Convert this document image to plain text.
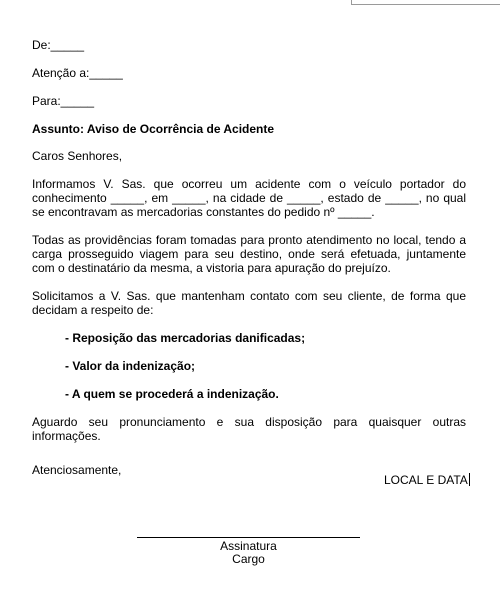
De:_____
Atenção a:_____
Para:_____
Assunto: Aviso de Ocorrência de Acidente
Caros Senhores,

Informamos V. Sas. que ocorreu um acidente com o veículo portador do conhecimento _____, em _____, na cidade de _____, estado de _____, no qual se encontravam as mercadorias constantes do pedido nº _____.

Todas as providências foram tomadas para pronto atendimento no local, tendo a carga prosseguido viagem para seu destino, onde será efetuada, juntamente com o destinatário da mesma, a vistoria para apuração do prejuízo.

Solicitamos a V. Sas. que mantenham contato com seu cliente, de forma que decidam a respeito de:

- Reposição das mercadorias danificadas;
- Valor da indenização;
- A quem se procederá a indenização.

Aguardo seu pronunciamento e sua disposição para quaisquer outras informações.

Atenciosamente,
LOCAL E DATA
Assinatura
Cargo
